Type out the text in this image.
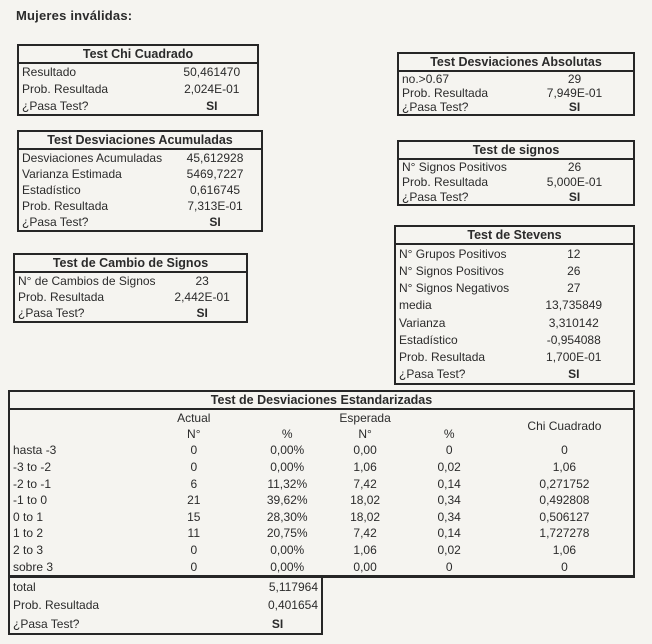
Mujeres inválidas:
Test Chi Cuadrado
Resultado	50,461470
Prob. Resultada	2,024E-01
¿Pasa Test?	SI
Test Desviaciones Acumuladas
Desviaciones Acumuladas	45,612928
Varianza Estimada	5469,7227
Estadístico	0,616745
Prob. Resultada	7,313E-01
¿Pasa Test?	SI
Test de Cambio de Signos
N° de Cambios de Signos	23
Prob. Resultada	2,442E-01
¿Pasa Test?	SI
Test Desviaciones Absolutas
no.>0.67	29
Prob. Resultada	7,949E-01
¿Pasa Test?	SI
Test de signos
N° Signos Positivos	26
Prob. Resultada	5,000E-01
¿Pasa Test?	SI
Test de Stevens
N° Grupos Positivos	12
N° Signos Positivos	26
N° Signos Negativos	27
media	13,735849
Varianza	3,310142
Estadístico	-0,954088
Prob. Resultada	1,700E-01
¿Pasa Test?	SI
Test de Desviaciones Estandarizadas
Actual	Esperada
Chi Cuadrado
N°	%	N°	%
hasta -3	0	0,00%	0,00	0	0
-3 to -2	0	0,00%	1,06	0,02	1,06
-2 to -1	6	11,32%	7,42	0,14	0,271752
-1 to 0	21	39,62%	18,02	0,34	0,492808
0 to 1	15	28,30%	18,02	0,34	0,506127
1 to 2	11	20,75%	7,42	0,14	1,727278
2 to 3	0	0,00%	1,06	0,02	1,06
sobre 3	0	0,00%	0,00	0	0
total	5,117964
Prob. Resultada	0,401654
¿Pasa Test?	SI
